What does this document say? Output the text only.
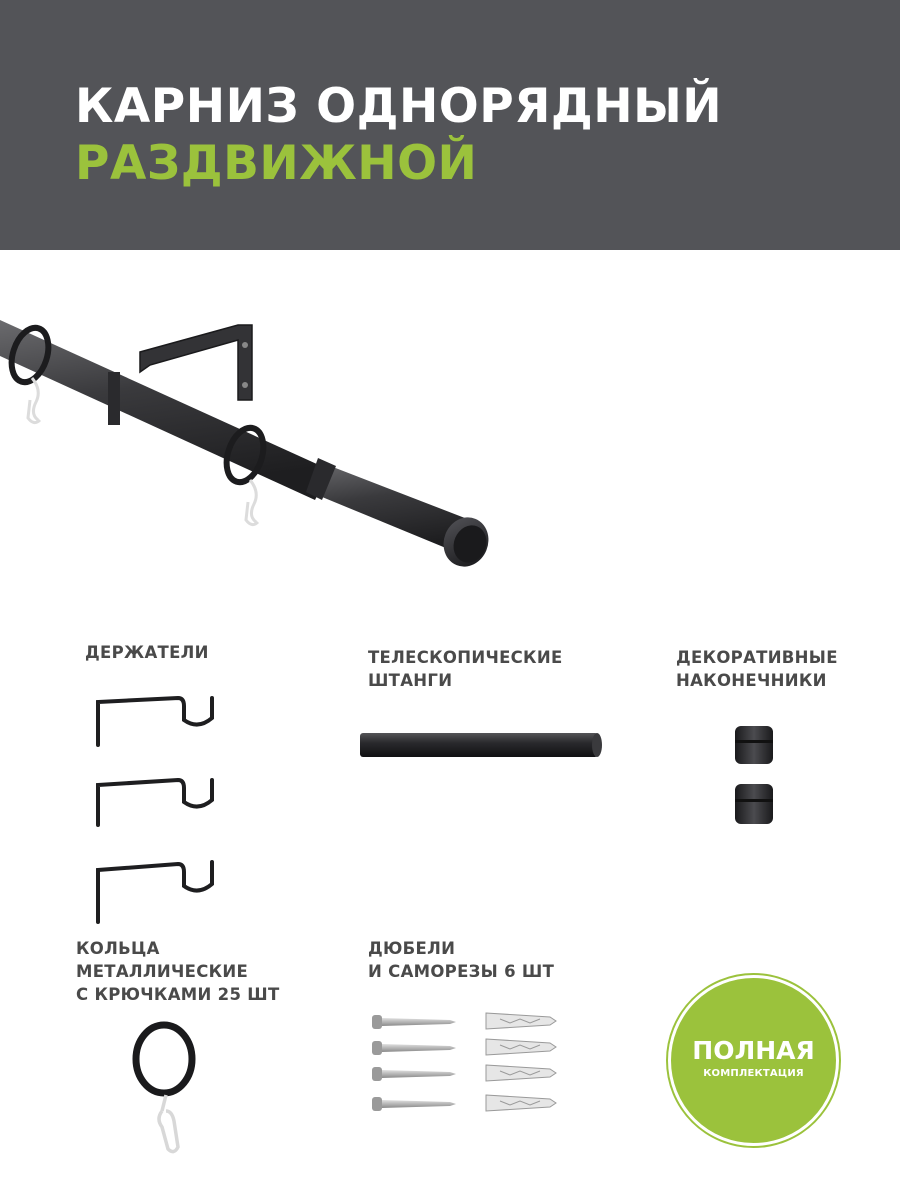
КАРНИЗ ОДНОРЯДНЫЙ
РАЗДВИЖНОЙ
ДЕРЖАТЕЛИ	ТЕЛЕСКОПИЧЕСКИЕ
ШТАНГИ
ДЕКОРАТИВНЫЕ
НАКОНЕЧНИКИ
КОЛЬЦА
МЕТАЛЛИЧЕСКИЕ
С КРЮЧКАМИ 25 ШТ
ДЮБЕЛИ
И САМОРЕЗЫ 6 ШТ
ПОЛНАЯ
КОМПЛЕКТАЦИЯ
